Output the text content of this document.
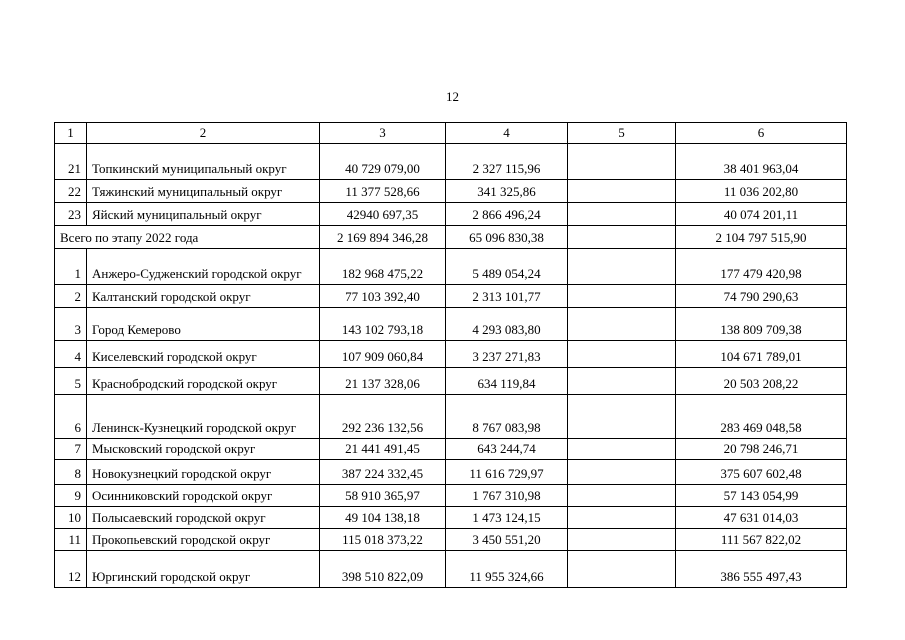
12
1	2	3	4	5	6
21	Топкинский муниципальный округ	40 729 079,00	2 327 115,96		38 401 963,04
22	Тяжинский муниципальный округ	11 377 528,66	341 325,86		11 036 202,80
23	Яйский муниципальный округ	42940 697,35	2 866 496,24		40 074 201,11
Всего по этапу 2022 года		2 169 894 346,28	65 096 830,38		2 104 797 515,90
1	Анжеро-Судженский городской округ	182 968 475,22	5 489 054,24		177 479 420,98
2	Калтанский городской округ	77 103 392,40	2 313 101,77		74 790 290,63
3	Город Кемерово	143 102 793,18	4 293 083,80		138 809 709,38
4	Киселевский городской округ	107 909 060,84	3 237 271,83		104 671 789,01
5	Краснобродский городской округ	21 137 328,06	634 119,84		20 503 208,22
6	Ленинск-Кузнецкий городской округ	292 236 132,56	8 767 083,98		283 469 048,58
7	Мысковский городской округ	21 441 491,45	643 244,74		20 798 246,71
8	Новокузнецкий городской округ	387 224 332,45	11 616 729,97		375 607 602,48
9	Осинниковский городской округ	58 910 365,97	1 767 310,98		57 143 054,99
10	Полысаевский городской округ	49 104 138,18	1 473 124,15		47 631 014,03
11	Прокопьевский городской округ	115 018 373,22	3 450 551,20		111 567 822,02
12	Юргинский городской округ	398 510 822,09	11 955 324,66		386 555 497,43
